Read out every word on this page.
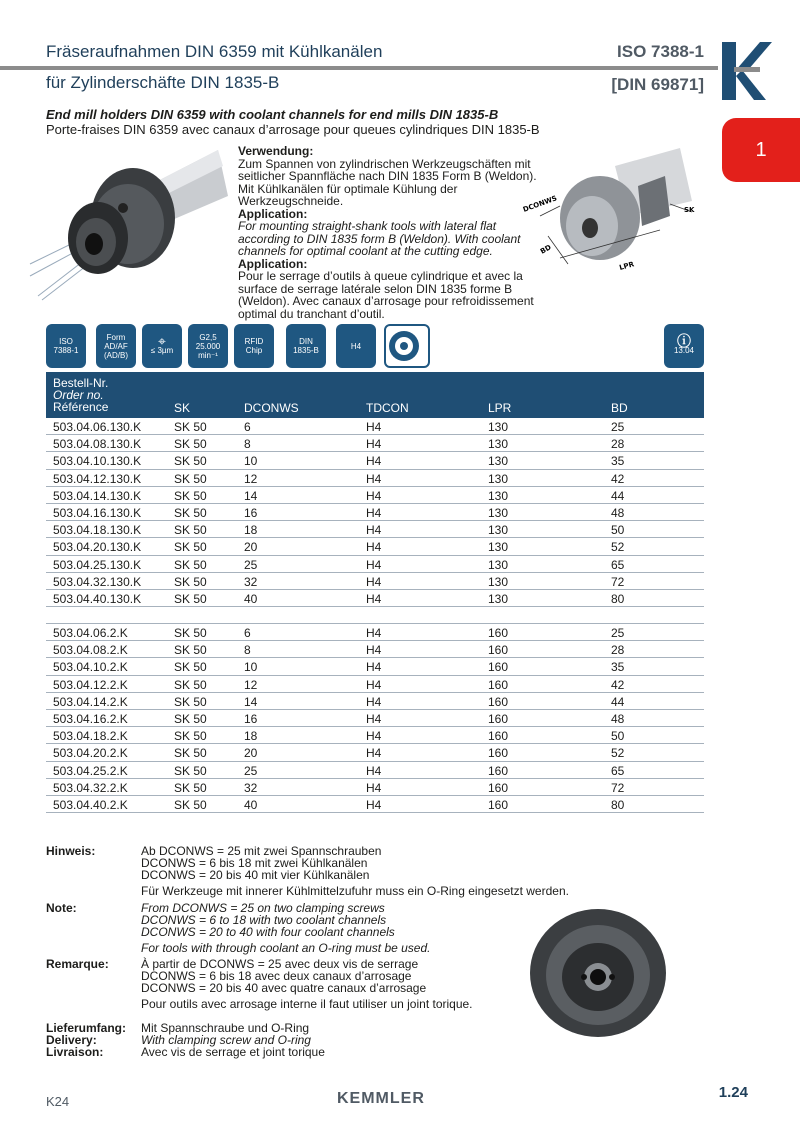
Fräseraufnahmen DIN 6359 mit Kühlkanälen	ISO 7388-1
für Zylinderschäfte DIN 1835-B	[DIN 69871]
1
End mill holders DIN 6359 with coolant channels for end mills DIN 1835-B
Porte-fraises DIN 6359 avec canaux d’arrosage pour queues cylindriques DIN 1835-B
Verwendung:
Zum Spannen von zylindrischen Werkzeugschäften mit seitlicher Spannfläche nach DIN 1835 Form B (Weldon). Mit Kühlkanälen für optimale Kühlung der Werkzeugschneide.
Application:
For mounting straight-shank tools with lateral flat according to DIN 1835 form B (Weldon). With coolant channels for optimal coolant at the cutting edge.
Application:
Pour le serrage d’outils à queue cylindrique et avec la surface de serrage latérale selon DIN 1835 forme B (Weldon). Avec canaux d’arrosage pour refroidissement optimal du tranchant d’outil.
DCONWS	SK
BD
LPR
ISO
7388-1
Form
AD/AF
(AD/B)
⌖
≤ 3µm
G2,5
25.000
min⁻¹
RFID
Chip
DIN
1835-B	H4	ⓘ
13.04
Bestell-Nr.
Order no.
Référence	SK	DCONWS	TDCON	LPR	BD
503.04.06.130.K	SK 50	6	H4	130	25
503.04.08.130.K	SK 50	8	H4	130	28
503.04.10.130.K	SK 50	10	H4	130	35
503.04.12.130.K	SK 50	12	H4	130	42
503.04.14.130.K	SK 50	14	H4	130	44
503.04.16.130.K	SK 50	16	H4	130	48
503.04.18.130.K	SK 50	18	H4	130	50
503.04.20.130.K	SK 50	20	H4	130	52
503.04.25.130.K	SK 50	25	H4	130	65
503.04.32.130.K	SK 50	32	H4	130	72
503.04.40.130.K	SK 50	40	H4	130	80
503.04.06.2.K	SK 50	6	H4	160	25
503.04.08.2.K	SK 50	8	H4	160	28
503.04.10.2.K	SK 50	10	H4	160	35
503.04.12.2.K	SK 50	12	H4	160	42
503.04.14.2.K	SK 50	14	H4	160	44
503.04.16.2.K	SK 50	16	H4	160	48
503.04.18.2.K	SK 50	18	H4	160	50
503.04.20.2.K	SK 50	20	H4	160	52
503.04.25.2.K	SK 50	25	H4	160	65
503.04.32.2.K	SK 50	32	H4	160	72
503.04.40.2.K	SK 50	40	H4	160	80
Hinweis:	Ab DCONWS = 25 mit zwei Spannschrauben
DCONWS = 6 bis 18 mit zwei Kühlkanälen
DCONWS = 20 bis 40 mit vier Kühlkanälen
Für Werkzeuge mit innerer Kühlmittelzufuhr muss ein O-Ring eingesetzt werden.
Note:	From DCONWS = 25 on two clamping screws
DCONWS = 6 to 18 with two coolant channels
DCONWS = 20 to 40 with four coolant channels
For tools with through coolant an O-ring must be used.
Remarque:	À partir de DCONWS = 25 avec deux vis de serrage
DCONWS = 6 bis 18 avec deux canaux d’arrosage
DCONWS = 20 bis 40 avec quatre canaux d’arrosage
Pour outils avec arrosage interne il faut utiliser un joint torique.
Lieferumfang: Mit Spannschraube und O-Ring
Delivery:	With clamping screw and O-ring
Livraison:	Avec vis de serrage et joint torique
K24	KEMMLER	1.24
